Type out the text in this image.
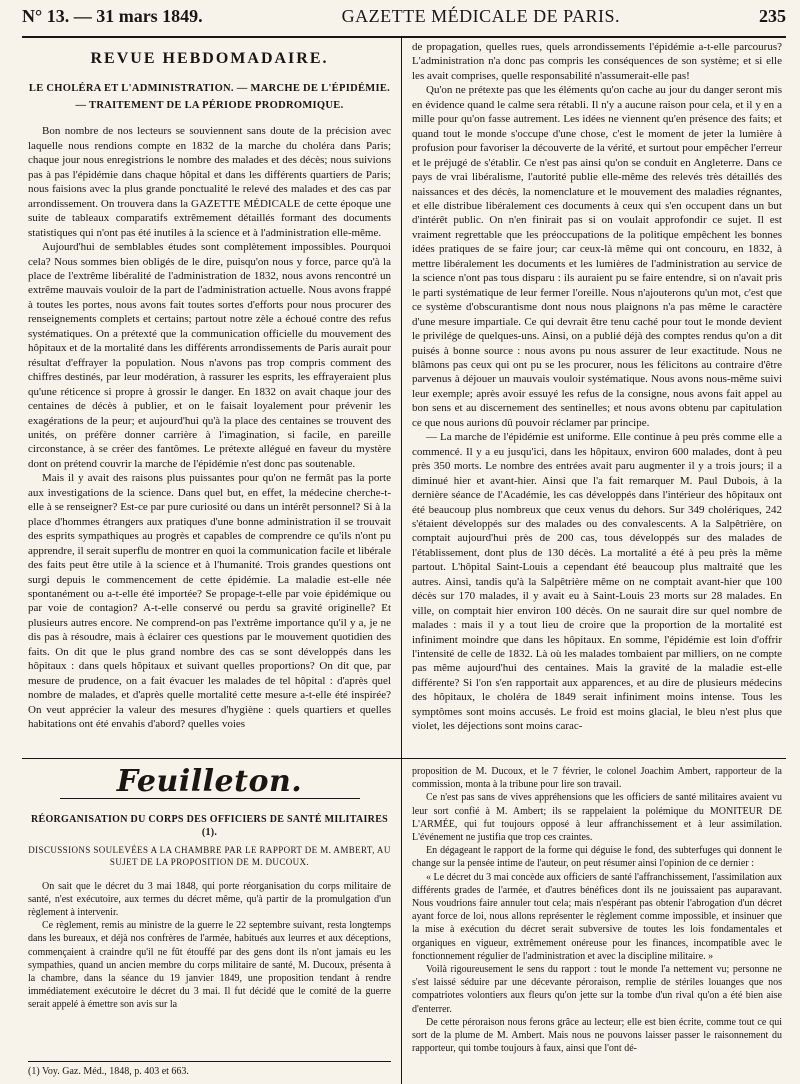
N° 13. — 31 mars 1849.	GAZETTE MÉDICALE DE PARIS.	235
REVUE HEBDOMADAIRE.
LE CHOLÉRA ET L'ADMINISTRATION. — MARCHE DE L'ÉPIDÉMIE.
— TRAITEMENT DE LA PÉRIODE PRODROMIQUE.

Bon nombre de nos lecteurs se souviennent sans doute de la précision avec laquelle nous rendions compte en 1832 de la marche du choléra dans Paris; chaque jour nous enregistrions le nombre des malades et des décès; nous suivions pas à pas l'épidémie dans chaque hôpital et dans les différents quartiers de Paris; nous faisions avec la plus grande ponctualité le relevé des malades et des cas par arrondissement. On trouvera dans la GAZETTE MÉDICALE de cette époque une suite de tableaux comparatifs extrêmement détaillés formant des documents statistiques qui n'ont pas été inutiles à la science et à l'administration elle-même.

Aujourd'hui de semblables études sont complètement impossibles. Pourquoi cela? Nous sommes bien obligés de le dire, puisqu'on nous y force, parce qu'à la place de l'extrême libéralité de l'administration de 1832, nous avons rencontré un extrême mauvais vouloir de la part de l'administration actuelle. Nous avons frappé à toutes les portes, nous avons fait toutes sortes d'efforts pour nous procurer des renseignements complets et certains; partout notre zèle a échoué contre des refus systématiques. On a prétexté que la communication officielle du mouvement des hôpitaux et de la mortalité dans les différents arrondissements de Paris aurait pour résultat d'effrayer la population. Nous n'avons pas trop compris comment des chiffres destinés, par leur modération, à rassurer les esprits, les effrayeraient plus qu'une réticence si propre à grossir le danger. En 1832 on avait chaque jour des centaines de décès à publier, et on le faisait loyalement pour prévenir les exagérations de la peur; et aujourd'hui qu'à la place des centaines se trouvent des unités, on préfère donner carrière à l'imagination, si facile, en pareille circonstance, à se créer des fantômes. Le prétexte allégué en faveur du mystère dont on prétend couvrir la marche de l'épidémie n'est donc pas soutenable.

Mais il y avait des raisons plus puissantes pour qu'on ne fermât pas la porte aux investigations de la science. Dans quel but, en effet, la médecine cherche-t-elle à se renseigner? Est-ce par pure curiosité ou dans un intérêt personnel? Si à la place d'hommes étrangers aux pratiques d'une bonne administration il se trouvait des esprits sympathiques au progrès et capables de comprendre ce qu'ils n'ont pu apprendre, il serait superflu de montrer en quoi la communication facile et libérale des faits peut être utile à la science et à l'humanité. Trois grandes questions ont surgi depuis le commencement de cette épidémie. La maladie est-elle née spontanément ou a-t-elle été importée? Se propage-t-elle par voie épidémique ou par voie de contagion? A-t-elle conservé ou perdu sa gravité originelle? Et plusieurs autres encore. Ne comprend-on pas l'extrême importance qu'il y a, je ne dis pas à résoudre, mais à éclairer ces questions par le mouvement quotidien des faits. On dit que le plus grand nombre des cas se sont développés dans les hôpitaux : dans quels hôpitaux et suivant quelles proportions? On dit que, par mesure de prudence, on a fait évacuer les malades de tel hôpital : d'après quel nombre de malades, et d'après quelle mortalité cette mesure a-t-elle été inspirée? On veut apprécier la valeur des mesures d'hygiène : quels quartiers et quelles habitations ont été envahis d'abord? quelles voies

de propagation, quelles rues, quels arrondissements l'épidémie a-t-elle parcourus? L'administration n'a donc pas compris les conséquences de son système; et si elle les avait comprises, quelle responsabilité n'assumerait-elle pas!

Qu'on ne prétexte pas que les éléments qu'on cache au jour du danger seront mis en évidence quand le calme sera rétabli. Il n'y a aucune raison pour cela, et il y en a mille pour qu'on fasse autrement. Les idées ne viennent qu'en présence des faits; et quand tout le monde s'occupe d'une chose, c'est le moment de jeter la lumière à profusion pour favoriser la découverte de la vérité, et surtout pour empêcher l'erreur et le préjugé de s'établir. Ce n'est pas ainsi qu'on se conduit en Angleterre. Dans ce pays de vrai libéralisme, l'autorité publie elle-même des relevés très détaillés des naissances et des décès, la nomenclature et le mouvement des maladies régnantes, et elle distribue libéralement ces documents à ceux qui s'en occupent dans un but d'intérêt public. On n'en finirait pas si on voulait approfondir ce sujet. Il est vraiment regrettable que les préoccupations de la politique empêchent les bonnes idées pratiques de se faire jour; car ceux-là même qui ont concouru, en 1832, à mettre libéralement les documents et les lumières de l'administration au service de la science n'ont pas tous disparu : ils auraient pu se faire entendre, si on n'avait pris le parti systématique de leur fermer l'oreille. Nous n'ajouterons qu'un mot, c'est que ce système d'obscurantisme dont nous nous plaignons n'a pas même le caractère d'une mesure impartiale. Ce qui devrait être tenu caché pour tout le monde devient le privilége de quelques-uns. Ainsi, on a publié déjà des comptes rendus qu'on a dit puisés à bonne source : nous avons pu nous assurer de leur exactitude. Nous ne blâmons pas ceux qui ont pu se les procurer, nous les félicitons au contraire d'être parvenus à déjouer un mauvais vouloir systématique. Nous avons nous-même suivi leur exemple; après avoir essuyé les refus de la consigne, nous avons fait appel au bon sens et au discernement des sentinelles; et nous avons obtenu par capitulation ce que nous aurions dû pouvoir réclamer par principe.

— La marche de l'épidémie est uniforme. Elle continue à peu près comme elle a commencé. Il y a eu jusqu'ici, dans les hôpitaux, environ 600 malades, dont à peu près 350 morts. Le nombre des entrées avait paru augmenter il y a trois jours; il a diminué hier et avant-hier. Ainsi que l'a fait remarquer M. Paul Dubois, à la dernière séance de l'Académie, les cas développés dans l'intérieur des hôpitaux ont été beaucoup plus nombreux que ceux venus du dehors. Sur 349 cholériques, 242 s'étaient développés sur des malades ou des convalescents. A la Salpêtrière, on comptait aujourd'hui près de 200 cas, tous développés sur des malades de l'établissement, dont plus de 130 décès. La mortalité a été à peu près la même partout. L'hôpital Saint-Louis a cependant été beaucoup plus maltraité que les autres. Ainsi, tandis qu'à la Salpêtrière même on ne comptait avant-hier que 100 décès sur 170 malades, il y avait eu à Saint-Louis 23 morts sur 28 malades. En ville, on comptait hier environ 100 décès. On ne saurait dire sur quel nombre de malades : mais il y a tout lieu de croire que la proportion de la mortalité est infiniment moindre que dans les hôpitaux. En somme, l'épidémie est loin d'offrir l'intensité de celle de 1832. Là où les malades tombaient par milliers, on ne compte pas même aujourd'hui des centaines. Mais la gravité de la maladie est-elle différente? Si l'on s'en rapportait aux apparences, et au dire de plusieurs médecins des hôpitaux, le choléra de 1849 serait infiniment moins intense. Tous les symptômes sont moins accusés. Le froid est moins glacial, le bleu n'est plus que violet, les déjections sont moins carac-

Feuilleton.
RÉORGANISATION DU CORPS DES OFFICIERS DE SANTÉ MILITAIRES (1).
DISCUSSIONS SOULEVÉES A LA CHAMBRE PAR LE RAPPORT DE M. AMBERT, AU SUJET DE LA PROPOSITION DE M. DUCOUX.

On sait que le décret du 3 mai 1848, qui porte réorganisation du corps militaire de santé, n'est exécutoire, aux termes du décret même, qu'à partir de la promulgation d'un règlement à intervenir.

Ce règlement, remis au ministre de la guerre le 22 septembre suivant, resta longtemps dans les bureaux, et déjà nos confrères de l'armée, habitués aux leurres et aux déceptions, commençaient à craindre qu'il ne fût étouffé par des gens dont ils n'ont jamais eu les sympathies, quand un ancien membre du corps militaire de santé, M. Ducoux, présenta à la chambre, dans la séance du 19 janvier 1849, une proposition tendant à rendre immédiatement exécutoire le décret du 3 mai. Il fut décidé que le comité de la guerre serait appelé à émettre son avis sur la

(1) Voy. Gaz. Méd., 1848, p. 403 et 663.

proposition de M. Ducoux, et le 7 février, le colonel Joachim Ambert, rapporteur de la commission, monta à la tribune pour lire son travail.

Ce n'est pas sans de vives appréhensions que les officiers de santé militaires avaient vu leur sort confié à M. Ambert; ils se rappelaient la polémique du MONITEUR DE L'ARMÉE, qui fut toujours opposé à leur affranchissement et à leur assimilation. L'événement ne justifia que trop ces craintes.

En dégageant le rapport de la forme qui déguise le fond, des subterfuges qui donnent le change sur la pensée intime de l'auteur, on peut résumer ainsi l'opinion de ce dernier :

« Le décret du 3 mai concède aux officiers de santé l'affranchissement, l'assimilation aux différents grades de l'armée, et d'autres bénéfices dont ils ne jouissaient pas auparavant. Nous voudrions faire annuler tout cela; mais n'espérant pas obtenir l'abrogation d'un décret ayant force de loi, nous allons représenter le règlement comme impossible, et insinuer que la mise à exécution du décret serait subversive de toutes les lois fondamentales et organiques en vigueur, extrêmement onéreuse pour les finances, incompatible avec le fonctionnement régulier de l'administration et avec la discipline militaire. »

Voilà rigoureusement le sens du rapport : tout le monde l'a nettement vu; personne ne s'est laissé séduire par une décevante péroraison, remplie de stériles louanges que nos compatriotes volontiers aux fleurs qu'on jette sur la tombe d'un rival qu'on a été bien aise d'enterrer.

De cette péroraison nous ferons grâce au lecteur; elle est bien écrite, comme tout ce qui sort de la plume de M. Ambert. Mais nous ne pouvons laisser passer le raisonnement du rapporteur, qui tombe toujours à faux, ainsi que l'ont dé-
